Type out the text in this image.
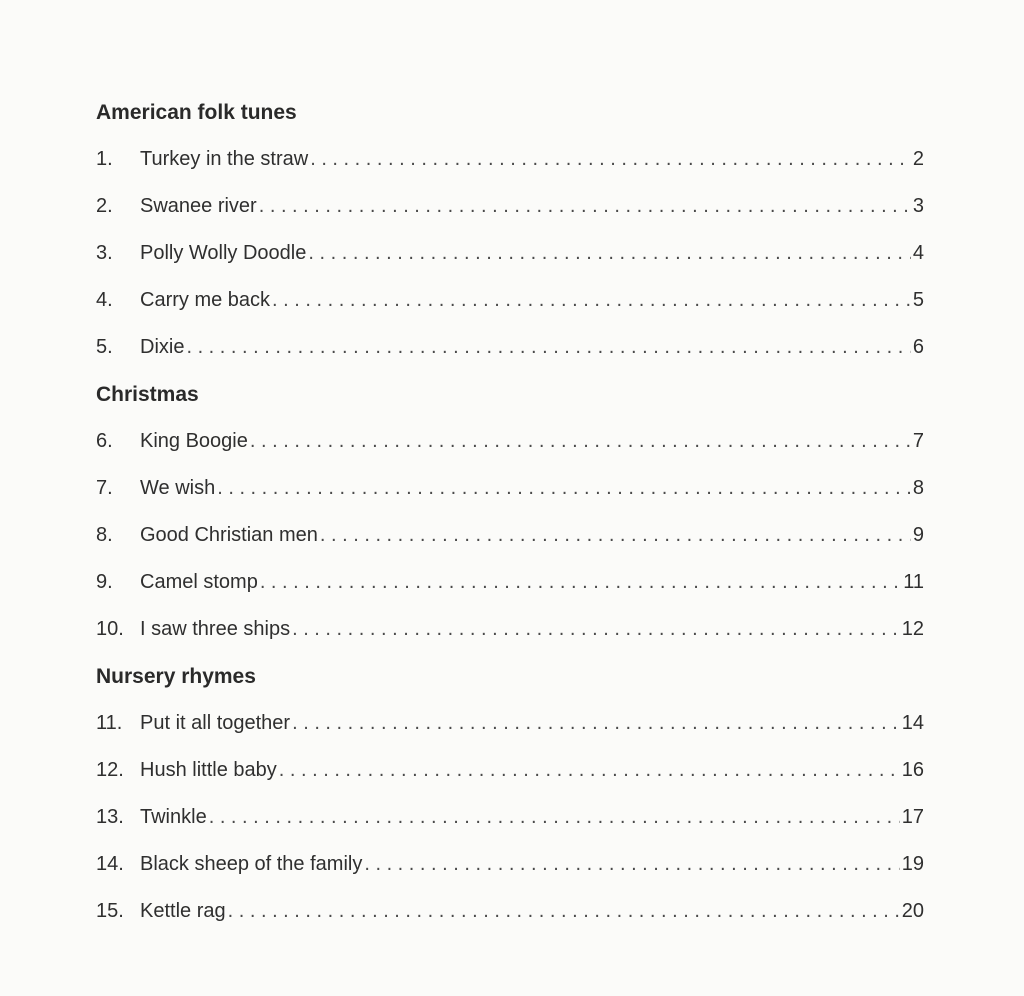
American folk tunes
1.	Turkey in the straw . . .	2
2.	Swanee river . . .	3
3.	Polly Wolly Doodle . . .	4
4.	Carry me back . . .	5
5.	Dixie . . .	6
Christmas
6.	King Boogie . . .	7
7.	We wish . . .	8
8.	Good Christian men . . .	9
9.	Camel stomp . . .	11
10. I saw three ships . . .	12
Nursery rhymes
11. Put it all together . . .	14
12. Hush little baby . . .	16
13. Twinkle . . .	17
14. Black sheep of the family . . .	19
15. Kettle rag . . .	20
